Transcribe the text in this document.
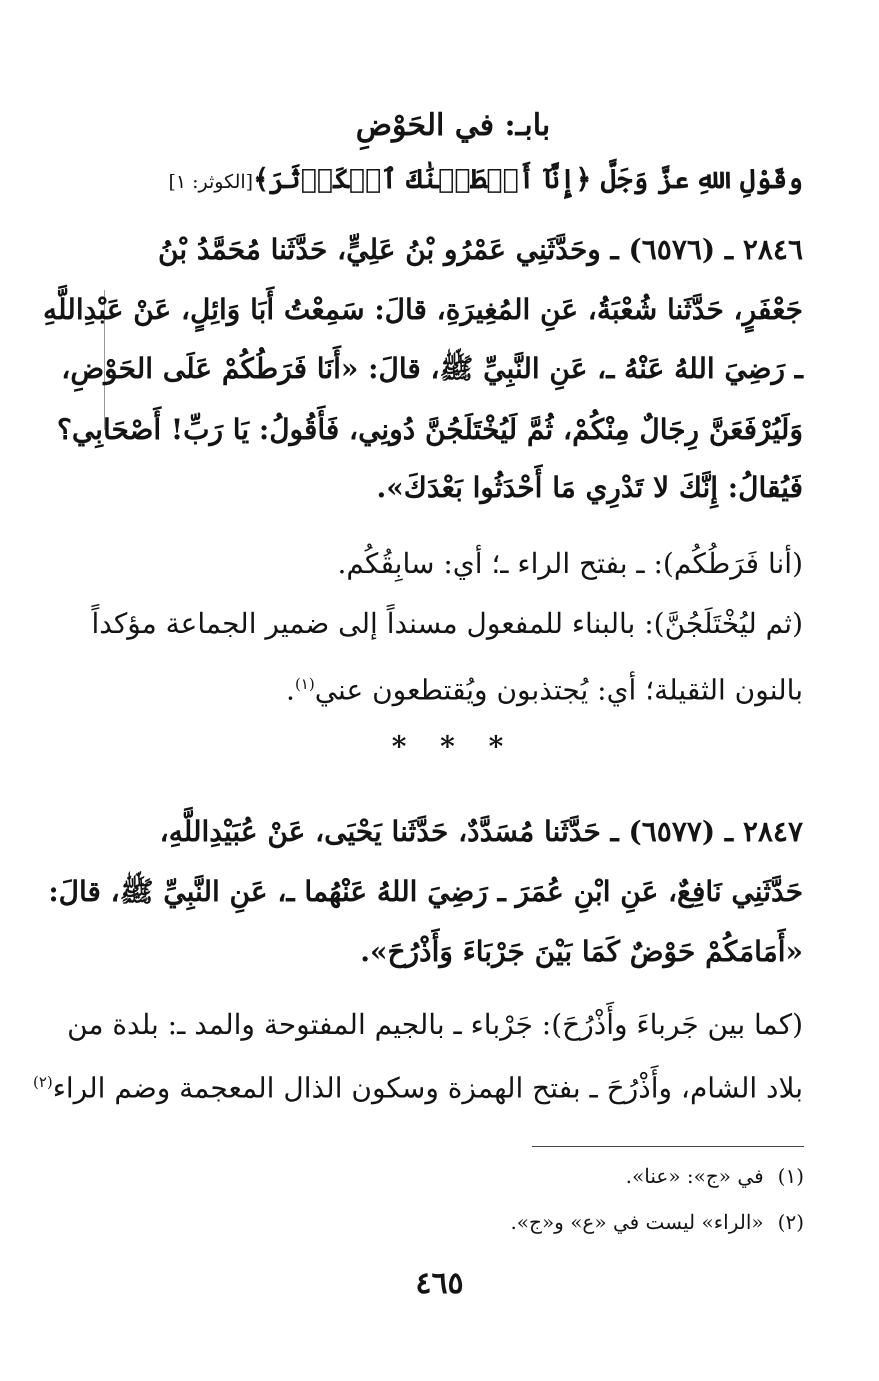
بابـ: في الحَوْضِ
وقَوْلِ اللهِ عزَّ وَجَلَّ ﴿إِنَّآ أَعۡطَيۡنَٰكَ ٱلۡكَوۡثَرَ﴾[الكوثر: ١]
٢٨٤٦ ـ (٦٥٧٦) ـ وحَدَّثَنِي عَمْرُو بْنُ عَلِيٍّ، حَدَّثَنا مُحَمَّدُ بْنُ
جَعْفَرٍ، حَدَّثَنا شُعْبَةُ، عَنِ المُغِيرَةِ، قالَ: سَمِعْتُ أَبَا وَائِلٍ، عَنْ عَبْدِاللَّهِ
ـ رَضِيَ اللهُ عَنْهُ ـ، عَنِ النَّبِيِّ ﷺ، قالَ: «أَنَا فَرَطُكُمْ عَلَى الحَوْضِ،
وَلَيُرْفَعَنَّ رِجَالٌ مِنْكُمْ، ثُمَّ لَيُخْتَلَجُنَّ دُونِي، فَأَقُولُ: يَا رَبِّ! أَصْحَابِي؟
فَيُقالُ: إِنَّكَ لا تَدْرِي مَا أَحْدَثُوا بَعْدَكَ».
(أنا فَرَطُكُم): ـ بفتح الراء ـ؛ أي: سابِقُكُم.
(ثم ليُخْتَلَجُنَّ): بالبناء للمفعول مسنداً إلى ضمير الجماعة مؤكداً
بالنون الثقيلة؛ أي: يُجتذبون ويُقتطعون عني$^{(١)}$.
* * *
٢٨٤٧ ـ (٦٥٧٧) ـ حَدَّثَنا مُسَدَّدٌ، حَدَّثَنا يَحْيَى، عَنْ عُبَيْدِاللَّهِ،
حَدَّثَنِي نَافِعٌ، عَنِ ابْنِ عُمَرَ ـ رَضِيَ اللهُ عَنْهُما ـ، عَنِ النَّبِيِّ ﷺ، قالَ:
«أَمَامَكُمْ حَوْضٌ كَمَا بَيْنَ جَرْبَاءَ وَأَذْرُحَ».
(كما بين جَرباءَ وأَذْرُحَ): جَرْباء ـ بالجيم المفتوحة والمد ـ: بلدة من
بلاد الشام، وأَذْرُحَ ـ بفتح الهمزة وسكون الذال المعجمة وضم الراء$^{(٢)}$
(١) في «ج»: «عنا».
(٢) «الراء» ليست في «ع» و«ج».
٤٦٥
